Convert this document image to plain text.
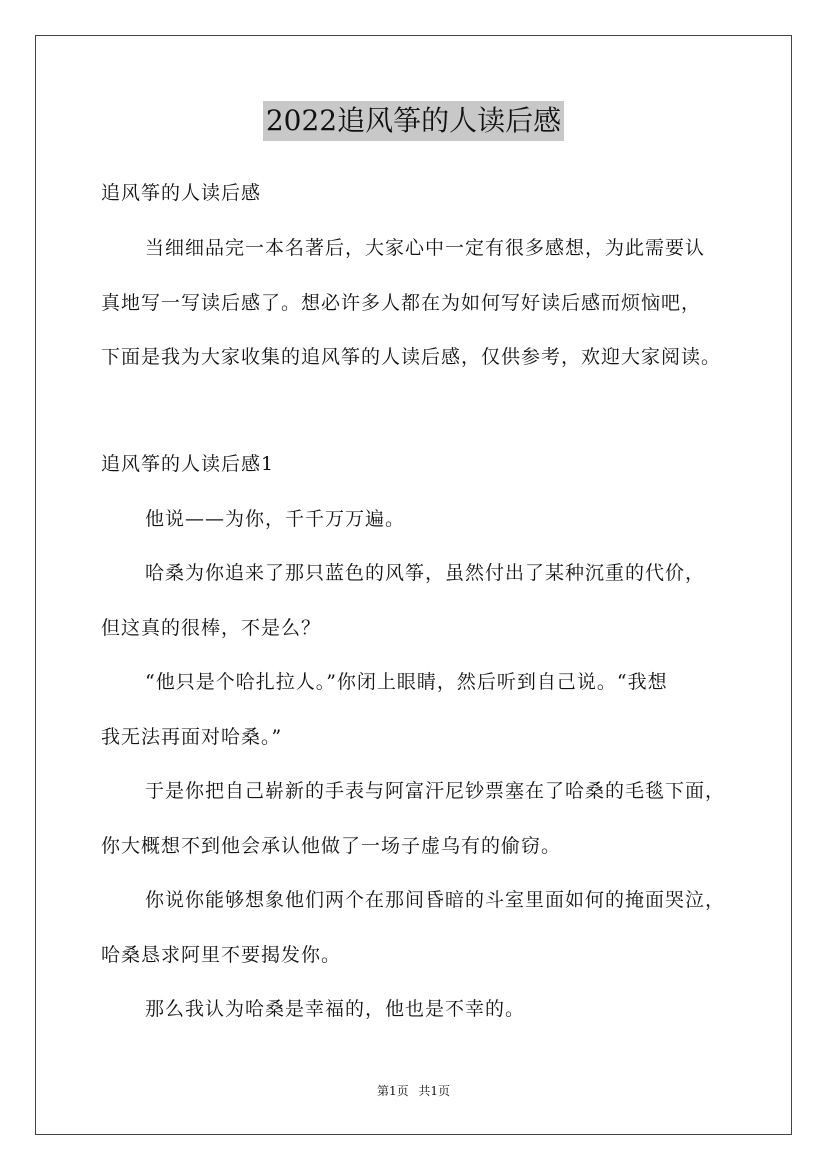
2022追风筝的人读后感
追风筝的人读后感
当细细品完一本名著后，大家心中一定有很多感想，为此需要认
真地写一写读后感了。想必许多人都在为如何写好读后感而烦恼吧，
下面是我为大家收集的追风筝的人读后感，仅供参考，欢迎大家阅读。
追风筝的人读后感1
他说——为你，千千万万遍。
哈桑为你追来了那只蓝色的风筝，虽然付出了某种沉重的代价，
但这真的很棒，不是么？
“他只是个哈扎拉人。”你闭上眼睛，然后听到自己说。“我想
我无法再面对哈桑。”
于是你把自己崭新的手表与阿富汗尼钞票塞在了哈桑的毛毯下面，
你大概想不到他会承认他做了一场子虚乌有的偷窃。
你说你能够想象他们两个在那间昏暗的斗室里面如何的掩面哭泣，
哈桑恳求阿里不要揭发你。
那么我认为哈桑是幸福的，他也是不幸的。
第1页 共1页
